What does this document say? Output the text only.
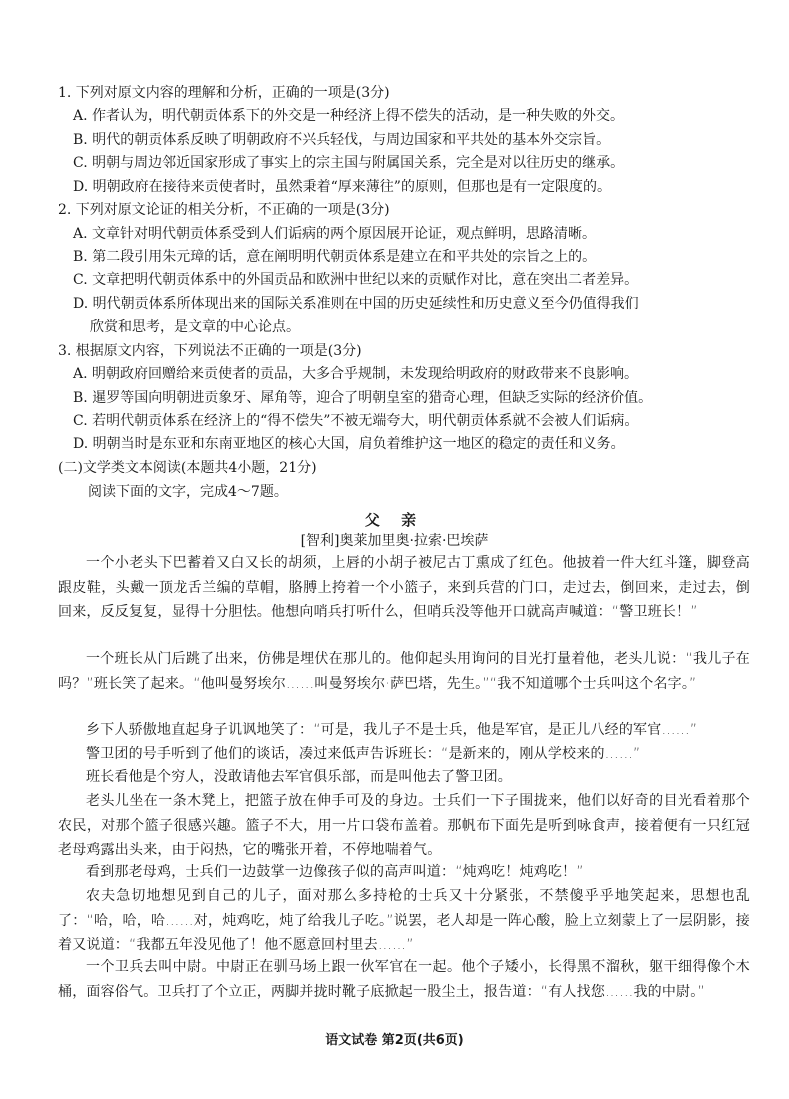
1. 下列对原文内容的理解和分析，正确的一项是(3分)
A. 作者认为，明代朝贡体系下的外交是一种经济上得不偿失的活动，是一种失败的外交。
B. 明代的朝贡体系反映了明朝政府不兴兵轻伐，与周边国家和平共处的基本外交宗旨。
C. 明朝与周边邻近国家形成了事实上的宗主国与附属国关系，完全是对以往历史的继承。
D. 明朝政府在接待来贡使者时，虽然秉着“厚来薄往”的原则，但那也是有一定限度的。
2. 下列对原文论证的相关分析，不正确的一项是(3分)
A. 文章针对明代朝贡体系受到人们诟病的两个原因展开论证，观点鲜明，思路清晰。
B. 第二段引用朱元璋的话，意在阐明明代朝贡体系是建立在和平共处的宗旨之上的。
C. 文章把明代朝贡体系中的外国贡品和欧洲中世纪以来的贡赋作对比，意在突出二者差异。
D. 明代朝贡体系所体现出来的国际关系准则在中国的历史延续性和历史意义至今仍值得我们
欣赏和思考，是文章的中心论点。
3. 根据原文内容，下列说法不正确的一项是(3分)
A. 明朝政府回赠给来贡使者的贡品，大多合乎规制，未发现给明政府的财政带来不良影响。
B. 暹罗等国向明朝进贡象牙、犀角等，迎合了明朝皇室的猎奇心理，但缺乏实际的经济价值。
C. 若明代朝贡体系在经济上的“得不偿失”不被无端夸大，明代朝贡体系就不会被人们诟病。
D. 明朝当时是东亚和东南亚地区的核心大国，肩负着维护这一地区的稳定的责任和义务。
(二)文学类文本阅读(本题共4小题，21分)
阅读下面的文字，完成4～7题。
父 亲
[智利]奥莱加里奥·拉索·巴埃萨
一个小老头下巴蓄着又白又长的胡须，上唇的小胡子被尼古丁熏成了红色。他披着一件大红斗篷，脚登高跟皮鞋，头戴一顶龙舌兰编的草帽，胳膊上挎着一个小篮子，来到兵营的门口，走过去，倒回来，走过去，倒回来，反反复复，显得十分胆怯。他想向哨兵打听什么，但哨兵没等他开口就高声喊道：“警卫班长！”
一个班长从门后跳了出来，仿佛是埋伏在那儿的。他仰起头用询问的目光打量着他，老头儿说：“我儿子在吗？”班长笑了起来。“他叫曼努埃尔……叫曼努埃尔·萨巴塔，先生。”“我不知道哪个士兵叫这个名字。”
乡下人骄傲地直起身子讥讽地笑了：“可是，我儿子不是士兵，他是军官，是正儿八经的军官……”
警卫团的号手听到了他们的谈话，凑过来低声告诉班长：“是新来的，刚从学校来的……”
班长看他是个穷人，没敢请他去军官俱乐部，而是叫他去了警卫团。
老头儿坐在一条木凳上，把篮子放在伸手可及的身边。士兵们一下子围拢来，他们以好奇的目光看着那个农民，对那个篮子很感兴趣。篮子不大，用一片口袋布盖着。那帆布下面先是听到咏食声，接着便有一只红冠老母鸡露出头来，由于闷热，它的嘴张开着，不停地喘着气。
看到那老母鸡，士兵们一边鼓掌一边像孩子似的高声叫道：“炖鸡吃！炖鸡吃！”
农夫急切地想见到自己的儿子，面对那么多持枪的士兵又十分紧张，不禁傻乎乎地笑起来，思想也乱了：“哈，哈，哈……对，炖鸡吃，炖了给我儿子吃。”说罢，老人却是一阵心酸，脸上立刻蒙上了一层阴影，接着又说道：“我都五年没见他了！他不愿意回村里去……”
一个卫兵去叫中尉。中尉正在驯马场上跟一伙军官在一起。他个子矮小，长得黑不溜秋，躯干细得像个木桶，面容俗气。卫兵打了个立正，两脚并拢时靴子底掀起一股尘土，报告道：“有人找您……我的中尉。”
语文试卷 第2页(共6页)
